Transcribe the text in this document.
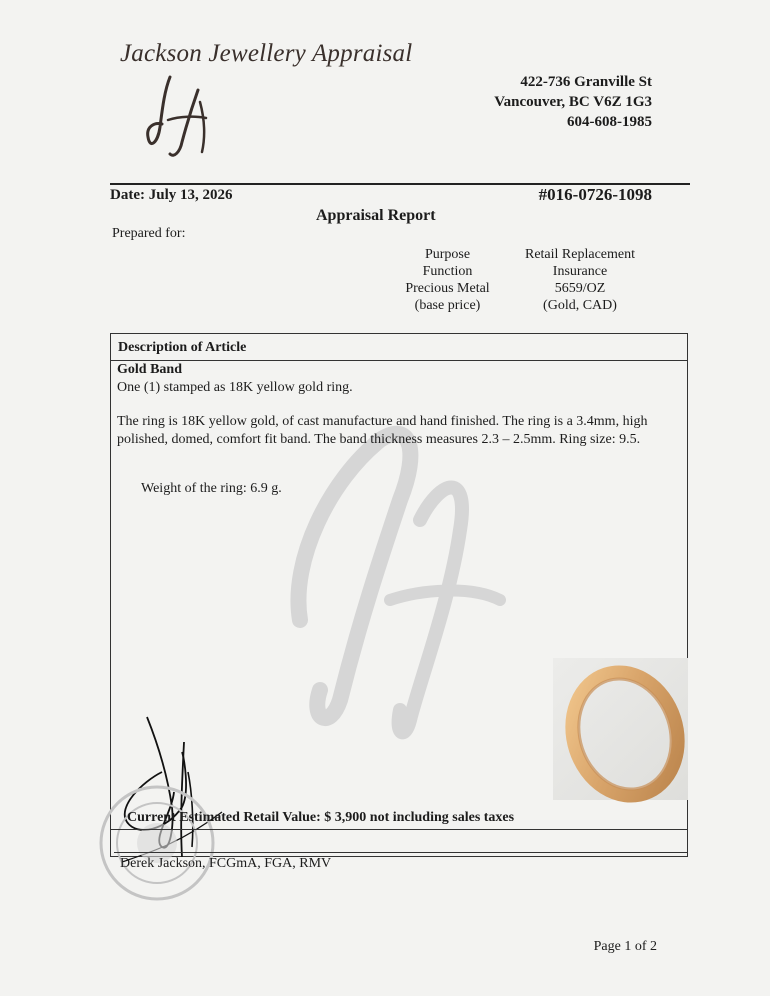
Jackson Jewellery Appraisal
422-736 Granville St
Vancouver, BC V6Z 1G3
604-608-1985
Date: July 13, 2026	#016-0726-1098
Appraisal Report
Prepared for:
Purpose
Function
Precious Metal
(base price)
Retail Replacement
Insurance
5659/OZ
(Gold, CAD)
Description of Article
Gold Band
One (1) stamped as 18K yellow gold ring.
The ring is 18K yellow gold, of cast manufacture and hand finished. The ring is a 3.4mm, high polished, domed, comfort fit band. The band thickness measures 2.3 – 2.5mm. Ring size: 9.5.
Weight of the ring: 6.9 g.
Current Estimated Retail Value: $ 3,900 not including sales taxes
Derek Jackson, FCGmA, FGA, RMV
Page 1 of 2
